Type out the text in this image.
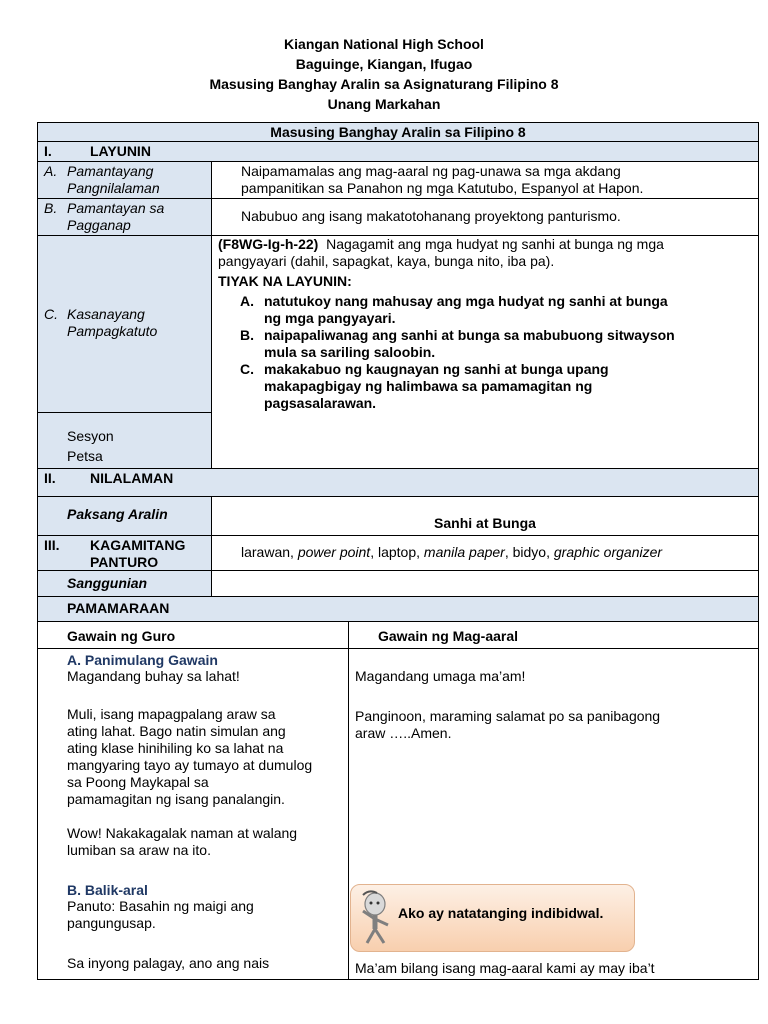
Kiangan National High School
Baguinge, Kiangan, Ifugao
Masusing Banghay Aralin sa Asignaturang Filipino 8
Unang Markahan
Masusing Banghay Aralin sa Filipino 8
I.	LAYUNIN
A. Pamantayang
Pangnilalaman
Naipamamalas ang mag-aaral ng pag-unawa sa mga akdang
pampanitikan sa Panahon ng mga Katutubo, Espanyol at Hapon.
B. Pamantayan sa
Pagganap
Nabubuo ang isang makatotohanang proyektong panturismo.
C. Kasanayang
Pampagkatuto
Sesyon
Petsa
(F8WG-Ig-h-22) Nagagamit ang mga hudyat ng sanhi at bunga ng mga
pangyayari (dahil, sapagkat, kaya, bunga nito, iba pa).
TIYAK NA LAYUNIN:
A. natutukoy nang mahusay ang mga hudyat ng sanhi at bunga
ng mga pangyayari.
B. naipapaliwanag ang sanhi at bunga sa mabubuong sitwayson
mula sa sariling saloobin.
C. makakabuo ng kaugnayan ng sanhi at bunga upang
makapagbigay ng halimbawa sa pamamagitan ng
pagsasalarawan.
II. NILALAMAN
Paksang Aralin
Sanhi at Bunga
III. KAGAMITANG
PANTURO
larawan, power point, laptop, manila paper, bidyo, graphic organizer
Sanggunian
PAMAMARAAN
Gawain ng Guro	Gawain ng Mag-aaral
A. Panimulang Gawain
Magandang buhay sa lahat!
Muli, isang mapagpalang araw sa
ating lahat. Bago natin simulan ang
ating klase hinihiling ko sa lahat na
mangyaring tayo ay tumayo at dumulog
sa Poong Maykapal sa
pamamagitan ng isang panalangin.
Wow! Nakakagalak naman at walang
lumiban sa araw na ito.
B. Balik-aral
Panuto: Basahin ng maigi ang
pangungusap.
Sa inyong palagay, ano ang nais
Magandang umaga ma’am!
Panginoon, maraming salamat po sa panibagong
araw …..Amen.
Ma’am bilang isang mag-aaral kami ay may iba’t
Ako ay natatanging indibidwal.
